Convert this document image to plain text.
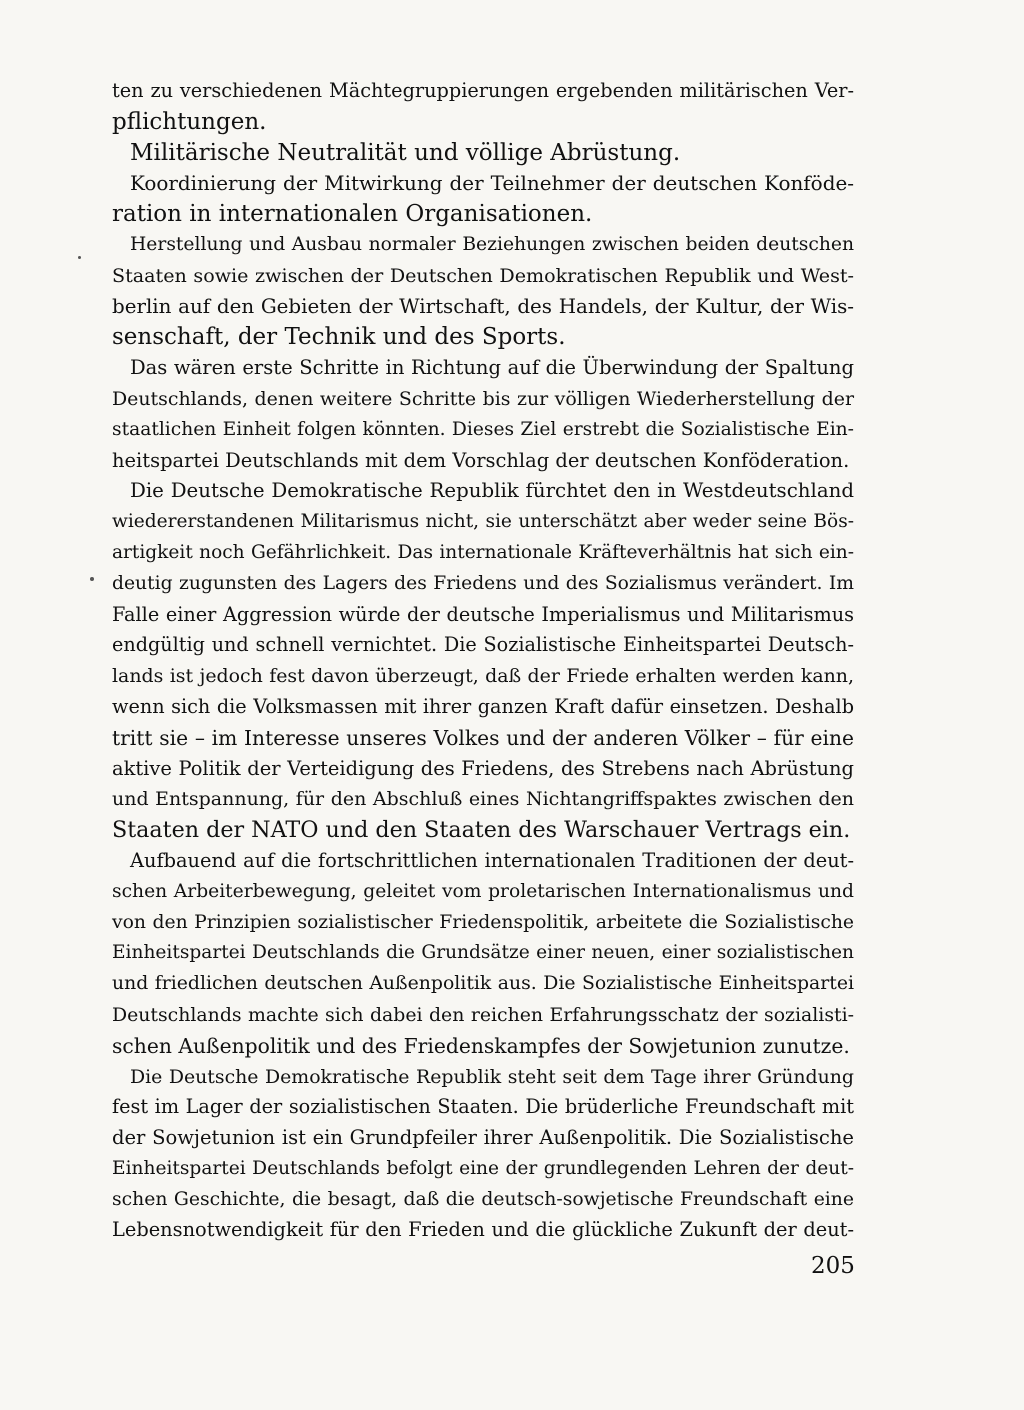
ten zu verschiedenen Mächtegruppierungen ergebenden militärischen Ver-
pflichtungen.

Militärische Neutralität und völlige Abrüstung.

Koordinierung der Mitwirkung der Teilnehmer der deutschen Konföde-
ration in internationalen Organisationen.

Herstellung und Ausbau normaler Beziehungen zwischen beiden deutschen
Staaten sowie zwischen der Deutschen Demokratischen Republik und West-
berlin auf den Gebieten der Wirtschaft, des Handels, der Kultur, der Wis-
senschaft, der Technik und des Sports.

Das wären erste Schritte in Richtung auf die Überwindung der Spaltung
Deutschlands, denen weitere Schritte bis zur völligen Wiederherstellung der
staatlichen Einheit folgen könnten. Dieses Ziel erstrebt die Sozialistische Ein-
heitspartei Deutschlands mit dem Vorschlag der deutschen Konföderation.

Die Deutsche Demokratische Republik fürchtet den in Westdeutschland
wiedererstandenen Militarismus nicht, sie unterschätzt aber weder seine Bös-
artigkeit noch Gefährlichkeit. Das internationale Kräfteverhältnis hat sich ein-
deutig zugunsten des Lagers des Friedens und des Sozialismus verändert. Im
Falle einer Aggression würde der deutsche Imperialismus und Militarismus
endgültig und schnell vernichtet. Die Sozialistische Einheitspartei Deutsch-
lands ist jedoch fest davon überzeugt, daß der Friede erhalten werden kann,
wenn sich die Volksmassen mit ihrer ganzen Kraft dafür einsetzen. Deshalb
tritt sie – im Interesse unseres Volkes und der anderen Völker – für eine
aktive Politik der Verteidigung des Friedens, des Strebens nach Abrüstung
und Entspannung, für den Abschluß eines Nichtangriffspaktes zwischen den
Staaten der NATO und den Staaten des Warschauer Vertrags ein.

Aufbauend auf die fortschrittlichen internationalen Traditionen der deut-
schen Arbeiterbewegung, geleitet vom proletarischen Internationalismus und
von den Prinzipien sozialistischer Friedenspolitik, arbeitete die Sozialistische
Einheitspartei Deutschlands die Grundsätze einer neuen, einer sozialistischen
und friedlichen deutschen Außenpolitik aus. Die Sozialistische Einheitspartei
Deutschlands machte sich dabei den reichen Erfahrungsschatz der sozialisti-
schen Außenpolitik und des Friedenskampfes der Sowjetunion zunutze.

Die Deutsche Demokratische Republik steht seit dem Tage ihrer Gründung
fest im Lager der sozialistischen Staaten. Die brüderliche Freundschaft mit
der Sowjetunion ist ein Grundpfeiler ihrer Außenpolitik. Die Sozialistische
Einheitspartei Deutschlands befolgt eine der grundlegenden Lehren der deut-
schen Geschichte, die besagt, daß die deutsch-sowjetische Freundschaft eine
Lebensnotwendigkeit für den Frieden und die glückliche Zukunft der deut-

205
